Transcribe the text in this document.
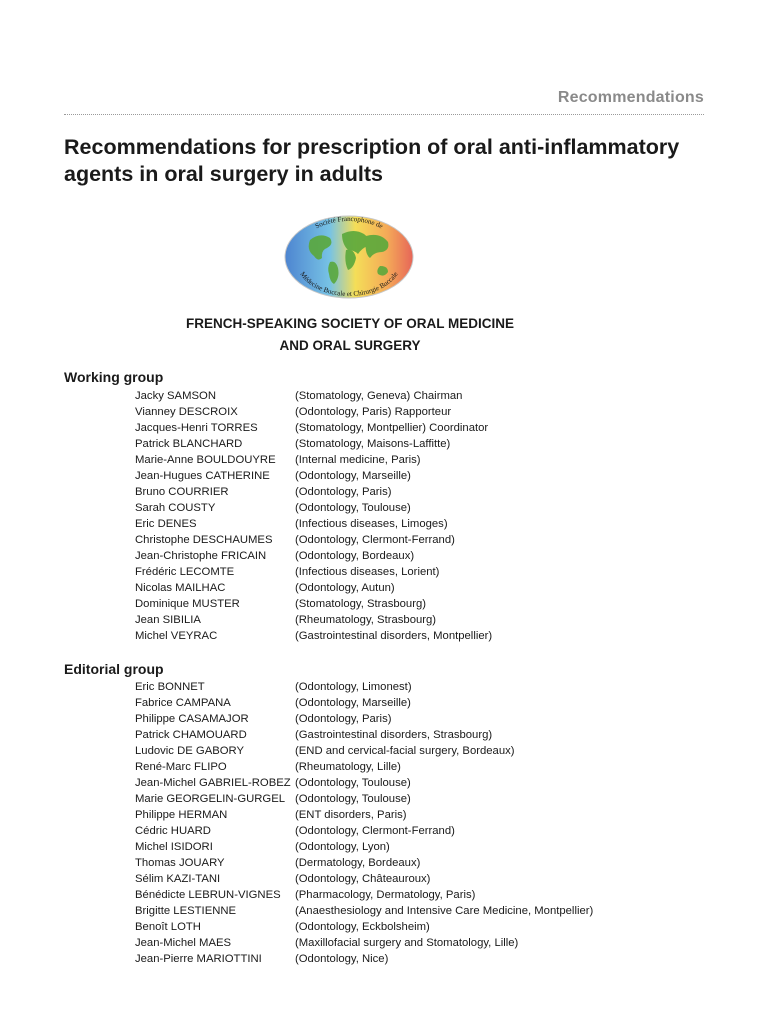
Recommendations
Recommendations for prescription of oral anti-inflammatory
agents in oral surgery in adults
Société Francophone de
Médecine Buccale et Chirurgie Buccale
FRENCH-SPEAKING SOCIETY OF ORAL MEDICINE
AND ORAL SURGERY
Working group
Jacky SAMSON	(Stomatology, Geneva) Chairman
Vianney DESCROIX	(Odontology, Paris) Rapporteur
Jacques-Henri TORRES	(Stomatology, Montpellier) Coordinator
Patrick BLANCHARD	(Stomatology, Maisons-Laffitte)
Marie-Anne BOULDOUYRE (Internal medicine, Paris)
Jean-Hugues CATHERINE (Odontology, Marseille)
Bruno COURRIER	(Odontology, Paris)
Sarah COUSTY	(Odontology, Toulouse)
Eric DENES	(Infectious diseases, Limoges)
Christophe DESCHAUMES (Odontology, Clermont-Ferrand)
Jean-Christophe FRICAIN	(Odontology, Bordeaux)
Frédéric LECOMTE	(Infectious diseases, Lorient)
Nicolas MAILHAC	(Odontology, Autun)
Dominique MUSTER	(Stomatology, Strasbourg)
Jean SIBILIA	(Rheumatology, Strasbourg)
Michel VEYRAC	(Gastrointestinal disorders, Montpellier)
Editorial group
Eric BONNET	(Odontology, Limonest)
Fabrice CAMPANA	(Odontology, Marseille)
Philippe CASAMAJOR	(Odontology, Paris)
Patrick CHAMOUARD	(Gastrointestinal disorders, Strasbourg)
Ludovic DE GABORY	(END and cervical-facial surgery, Bordeaux)
René-Marc FLIPO	(Rheumatology, Lille)
Jean-Michel GABRIEL-ROBEZ (Odontology, Toulouse)
Marie GEORGELIN-GURGEL (Odontology, Toulouse)
Philippe HERMAN	(ENT disorders, Paris)
Cédric HUARD	(Odontology, Clermont-Ferrand)
Michel ISIDORI	(Odontology, Lyon)
Thomas JOUARY	(Dermatology, Bordeaux)
Sélim KAZI-TANI	(Odontology, Châteauroux)
Bénédicte LEBRUN-VIGNES (Pharmacology, Dermatology, Paris)
Brigitte LESTIENNE	(Anaesthesiology and Intensive Care Medicine, Montpellier)
Benoît LOTH	(Odontology, Eckbolsheim)
Jean-Michel MAES	(Maxillofacial surgery and Stomatology, Lille)
Jean-Pierre MARIOTTINI	(Odontology, Nice)
